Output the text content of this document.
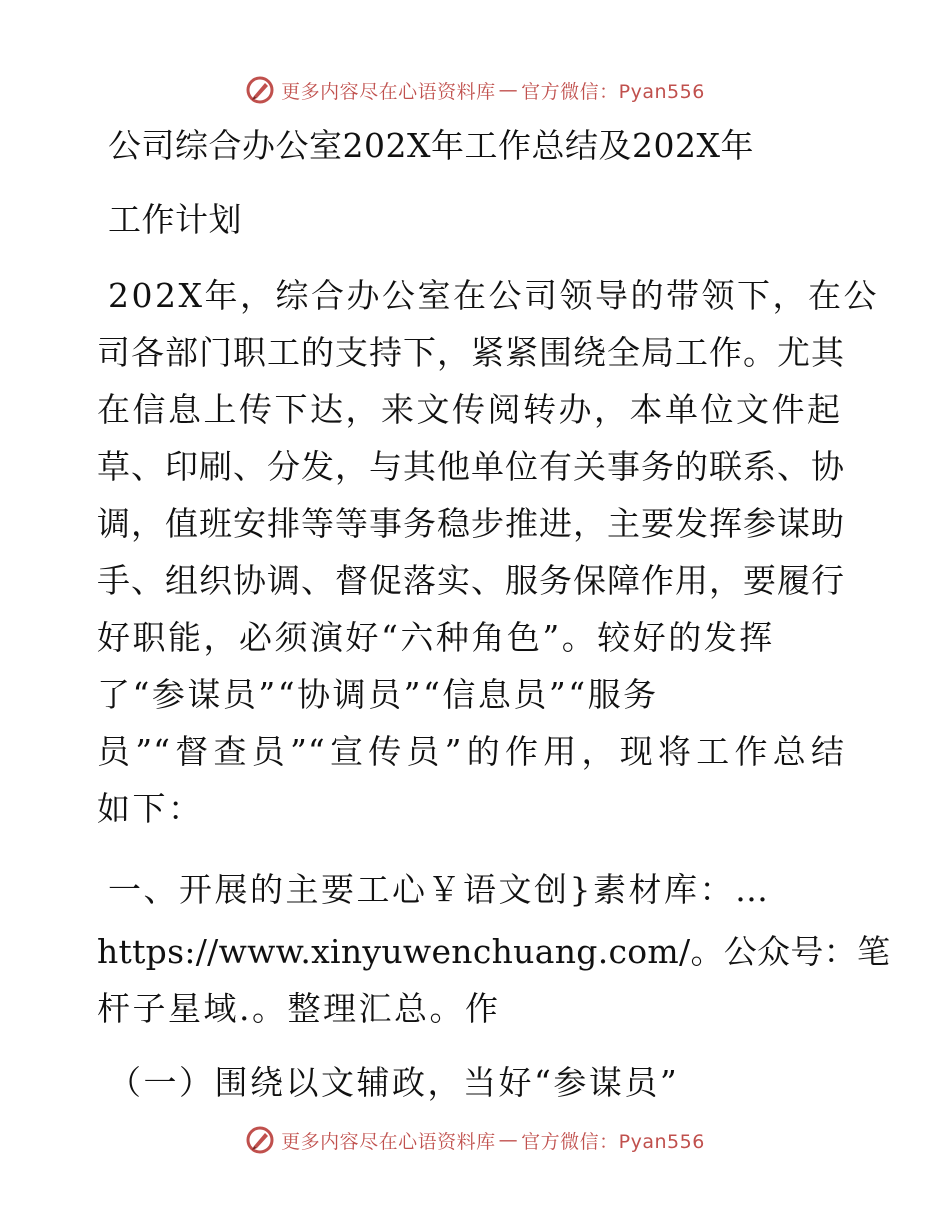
更多内容尽在心语资料库 — 官方微信：Pyan556
公司综合办公室202X年工作总结及202X年
工作计划
202X年，综合办公室在公司领导的带领下，在公
司各部门职工的支持下，紧紧围绕全局工作。尤其
在信息上传下达，来文传阅转办，本单位文件起
草、印刷、分发，与其他单位有关事务的联系、协
调，值班安排等等事务稳步推进，主要发挥参谋助
手、组织协调、督促落实、服务保障作用，要履行
好职能，必须演好“六种角色”。较好的发挥
了“参谋员”“协调员”“信息员”“服务
员”“督查员”“宣传员”的作用，现将工作总结
如下：
一、开展的主要工心￥语文创}素材库：…
https://www.xinyuwenchuang.com/。公众号：笔
杆子星域.。整理汇总。作
（一）围绕以文辅政，当好“参谋员”
更多内容尽在心语资料库 — 官方微信：Pyan556
